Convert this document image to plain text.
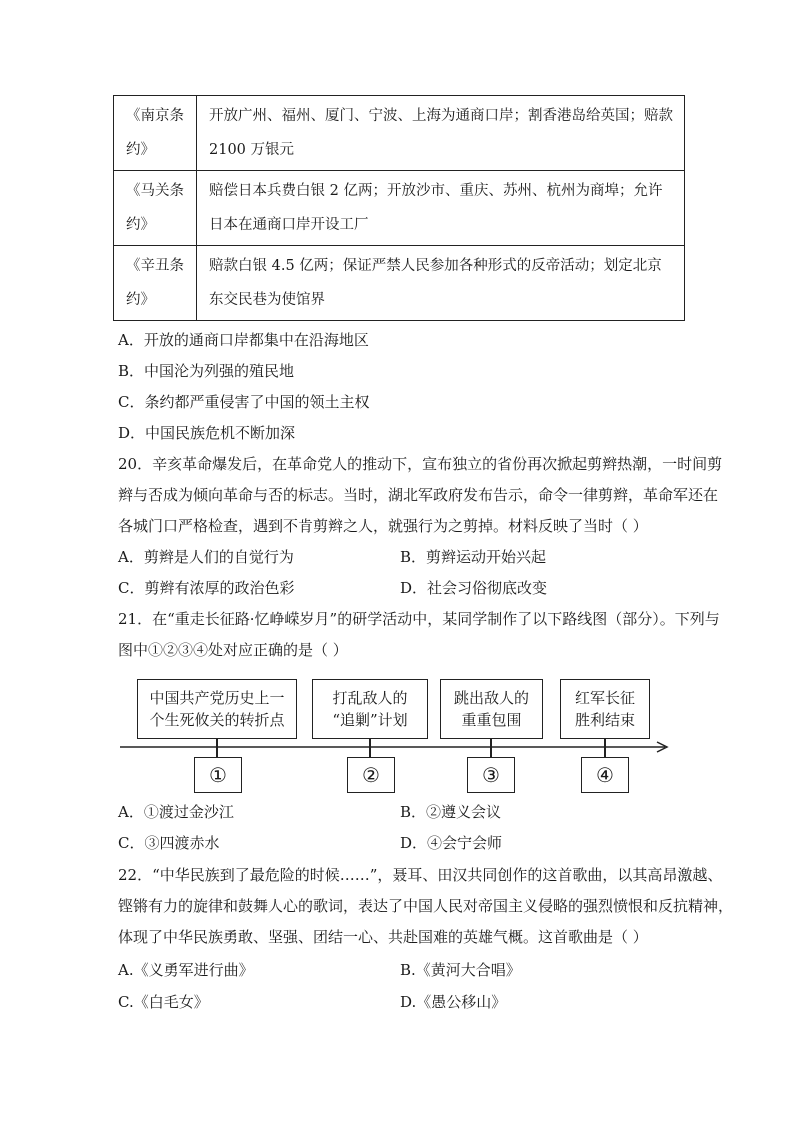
《南京条约》	开放广州、福州、厦门、宁波、上海为通商口岸；割香港岛给英国；赔款 2100 万银元
《马关条约》	赔偿日本兵费白银 2 亿两；开放沙市、重庆、苏州、杭州为商埠；允许日本在通商口岸开设工厂
《辛丑条约》	赔款白银 4.5 亿两；保证严禁人民参加各种形式的反帝活动；划定北京东交民巷为使馆界
A．开放的通商口岸都集中在沿海地区
B．中国沦为列强的殖民地
C．条约都严重侵害了中国的领土主权
D．中国民族危机不断加深
20．辛亥革命爆发后，在革命党人的推动下，宣布独立的省份再次掀起剪辫热潮，一时间剪
辫与否成为倾向革命与否的标志。当时，湖北军政府发布告示，命令一律剪辫，革命军还在
各城门口严格检查，遇到不肯剪辫之人，就强行为之剪掉。材料反映了当时（ ）
A．剪辫是人们的自觉行为	B．剪辫运动开始兴起
C．剪辫有浓厚的政治色彩	D．社会习俗彻底改变
21．在“重走长征路·忆峥嵘岁月”的研学活动中，某同学制作了以下路线图（部分）。下列与
图中①②③④处对应正确的是（ ）
中国共产党历史上一
个生死攸关的转折点
打乱敌人的
“追剿”计划
跳出敌人的
重重包围
红军长征
胜利结束
①	②	③	④
A．①渡过金沙江	B．②遵义会议
C．③四渡赤水	D．④会宁会师
22．“中华民族到了最危险的时候……”，聂耳、田汉共同创作的这首歌曲，以其高昂激越、
铿锵有力的旋律和鼓舞人心的歌词，表达了中国人民对帝国主义侵略的强烈愤恨和反抗精神，
体现了中华民族勇敢、坚强、团结一心、共赴国难的英雄气概。这首歌曲是（ ）
A.《义勇军进行曲》	B.《黄河大合唱》
C.《白毛女》	D.《愚公移山》
